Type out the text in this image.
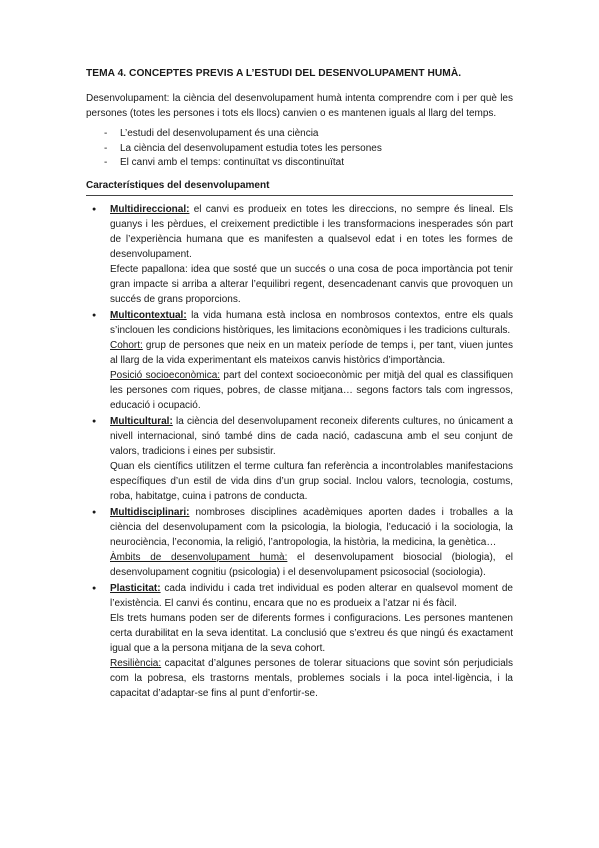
TEMA 4. CONCEPTES PREVIS A L’ESTUDI DEL DESENVOLUPAMENT HUMÀ.

Desenvolupament: la ciència del desenvolupament humà intenta comprendre com i per què les persones (totes les persones i tots els llocs) canvien o es mantenen iguals al llarg del temps.

- L’estudi del desenvolupament és una ciència
- La ciència del desenvolupament estudia totes les persones
- El canvi amb el temps: continuïtat vs discontinuïtat
Característiques del desenvolupament

● Multidireccional: el canvi es produeix en totes les direccions, no sempre és lineal. Els guanys i les pèrdues, el creixement predictible i les transformacions inesperades són part de l’experiència humana que es manifesten a qualsevol edat i en totes les formes de desenvolupament.

Efecte papallona: idea que sosté que un succés o una cosa de poca importància pot tenir gran impacte si arriba a alterar l’equilibri regent, desencadenant canvis que provoquen un succés de grans proporcions.

● Multicontextual: la vida humana està inclosa en nombrosos contextos, entre els quals s’inclouen les condicions històriques, les limitacions econòmiques i les tradicions culturals.

Cohort: grup de persones que neix en un mateix període de temps i, per tant, viuen juntes al llarg de la vida experimentant els mateixos canvis històrics d’importància.

Posició socioeconòmica: part del context socioeconòmic per mitjà del qual es classifiquen les persones com riques, pobres, de classe mitjana… segons factors tals com ingressos, educació i ocupació.

● Multicultural: la ciència del desenvolupament reconeix diferents cultures, no únicament a nivell internacional, sinó també dins de cada nació, cadascuna amb el seu conjunt de valors, tradicions i eines per subsistir.

Quan els científics utilitzen el terme cultura fan referència a incontrolables manifestacions específiques d’un estil de vida dins d’un grup social. Inclou valors, tecnologia, costums, roba, habitatge, cuina i patrons de conducta.

● Multidisciplinari: nombroses disciplines acadèmiques aporten dades i troballes a la ciència del desenvolupament com la psicologia, la biologia, l’educació i la sociologia, la neurociència, l’economia, la religió, l’antropologia, la història, la medicina, la genètica…

Àmbits de desenvolupament humà: el desenvolupament biosocial (biologia), el desenvolupament cognitiu (psicologia) i el desenvolupament psicosocial (sociologia).

● Plasticitat: cada individu i cada tret individual es poden alterar en qualsevol moment de l’existència. El canvi és continu, encara que no es produeix a l’atzar ni és fàcil.

Els trets humans poden ser de diferents formes i configuracions. Les persones mantenen certa durabilitat en la seva identitat. La conclusió que s’extreu és que ningú és exactament igual que a la persona mitjana de la seva cohort.

Resiliència: capacitat d’algunes persones de tolerar situacions que sovint són perjudicials com la pobresa, els trastorns mentals, problemes socials i la poca intel·ligència, i la capacitat d’adaptar-se fins al punt d’enfortir-se.
